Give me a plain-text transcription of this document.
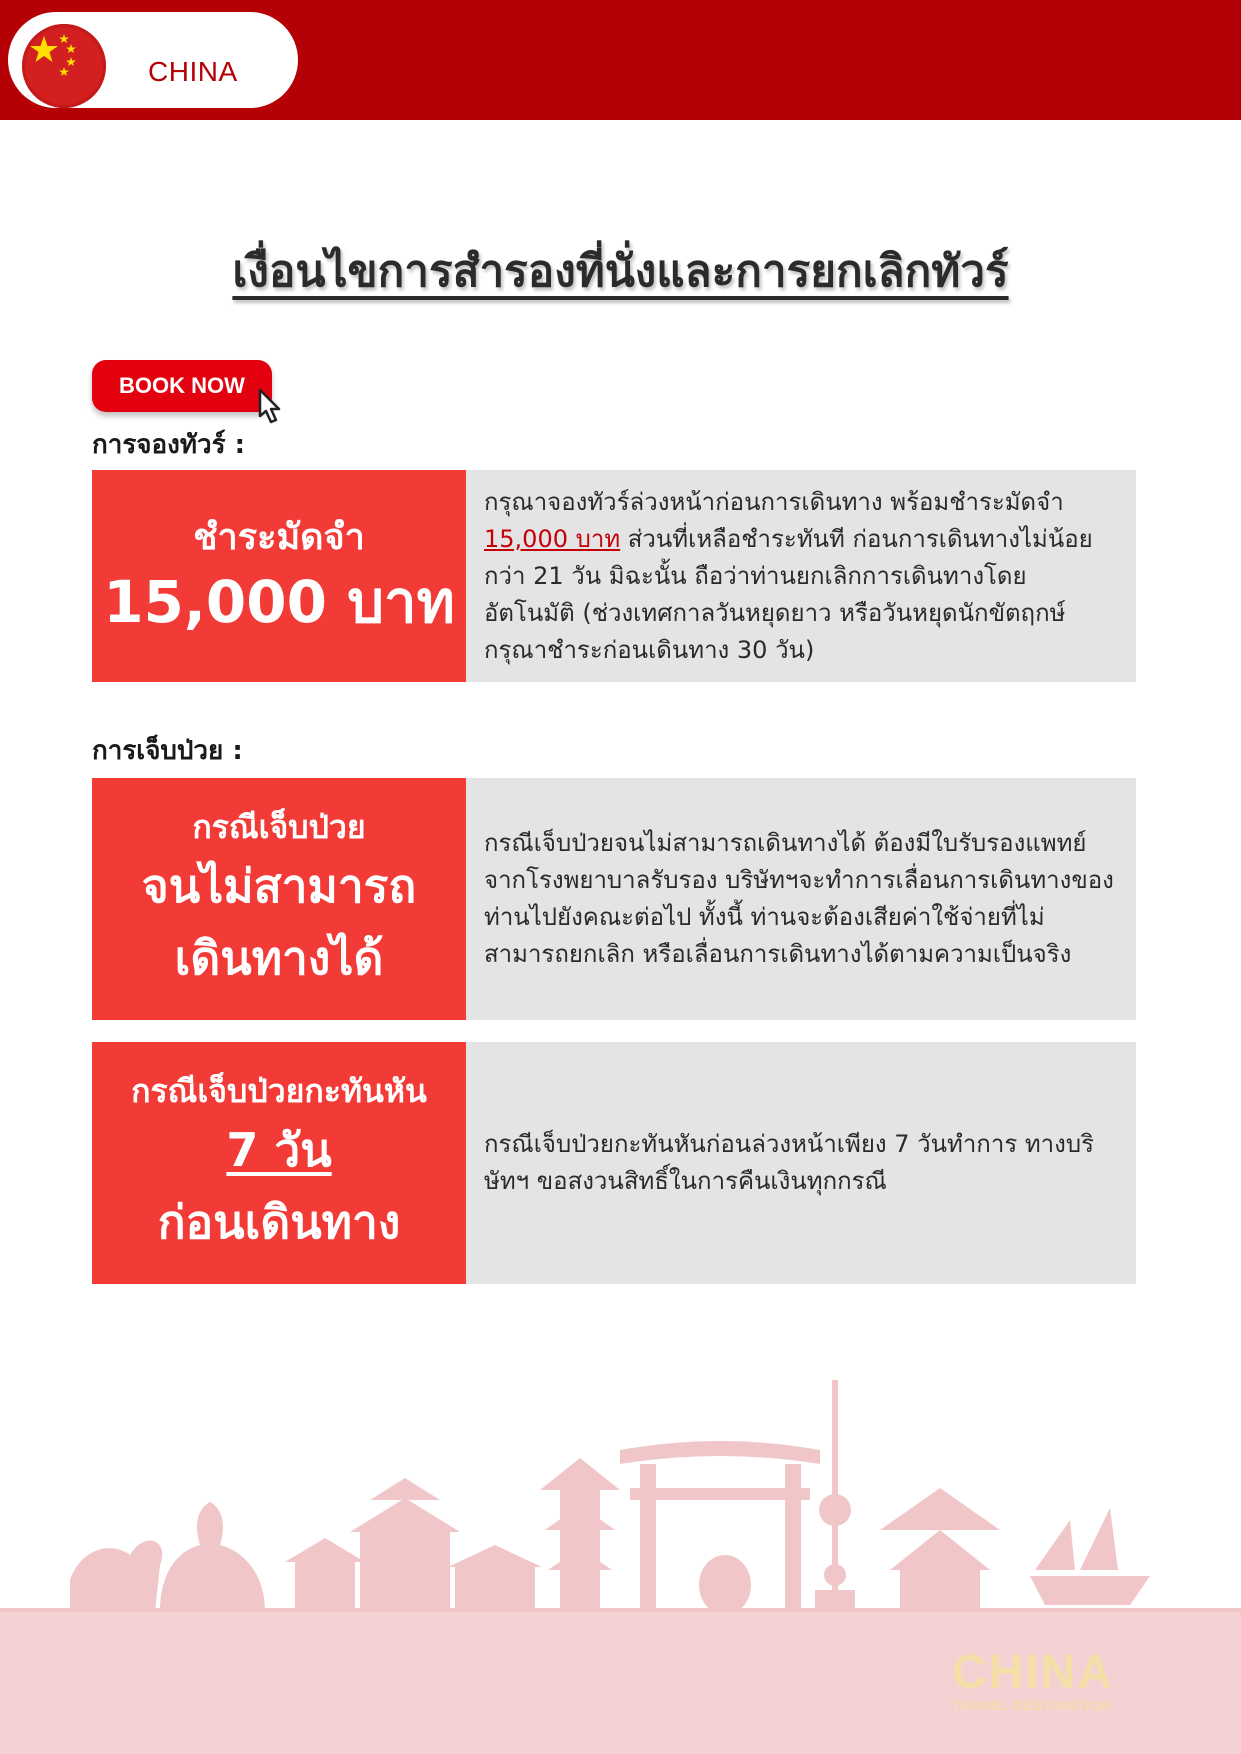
CHINA
เงื่อนไขการสำรองที่นั่งและการยกเลิกทัวร์
BOOK NOW
การจองทัวร์ :
ชำระมัดจำ
15,000 บาท

กรุณาจองทัวร์ล่วงหน้าก่อนการเดินทาง พร้อมชำระมัดจำ 15,000 บาท ส่วนที่เหลือชำระทันที ก่อนการเดินทางไม่น้อยกว่า 21 วัน มิฉะนั้น ถือว่าท่านยกเลิกการเดินทางโดยอัตโนมัติ (ช่วงเทศกาลวันหยุดยาว หรือวันหยุดนักขัตฤกษ์ กรุณาชำระก่อนเดินทาง 30 วัน)

การเจ็บป่วย :
กรณีเจ็บป่วย
จนไม่สามารถ
เดินทางได้

กรณีเจ็บป่วยจนไม่สามารถเดินทางได้ ต้องมีใบรับรองแพทย์จากโรงพยาบาลรับรอง บริษัทฯจะทำการเลื่อนการเดินทางของท่านไปยังคณะต่อไป ทั้งนี้ ท่านจะต้องเสียค่าใช้จ่ายที่ไม่สามารถยกเลิก หรือเลื่อนการเดินทางได้ตามความเป็นจริง

กรณีเจ็บป่วยกะทันหัน
7 วัน
ก่อนเดินทาง

กรณีเจ็บป่วยกะทันหันก่อนล่วงหน้าเพียง 7 วันทำการ ทางบริษัทฯ ขอสงวนสิทธิ์ในการคืนเงินทุกกรณี

CHINA
TRAVEL DESTINATION
